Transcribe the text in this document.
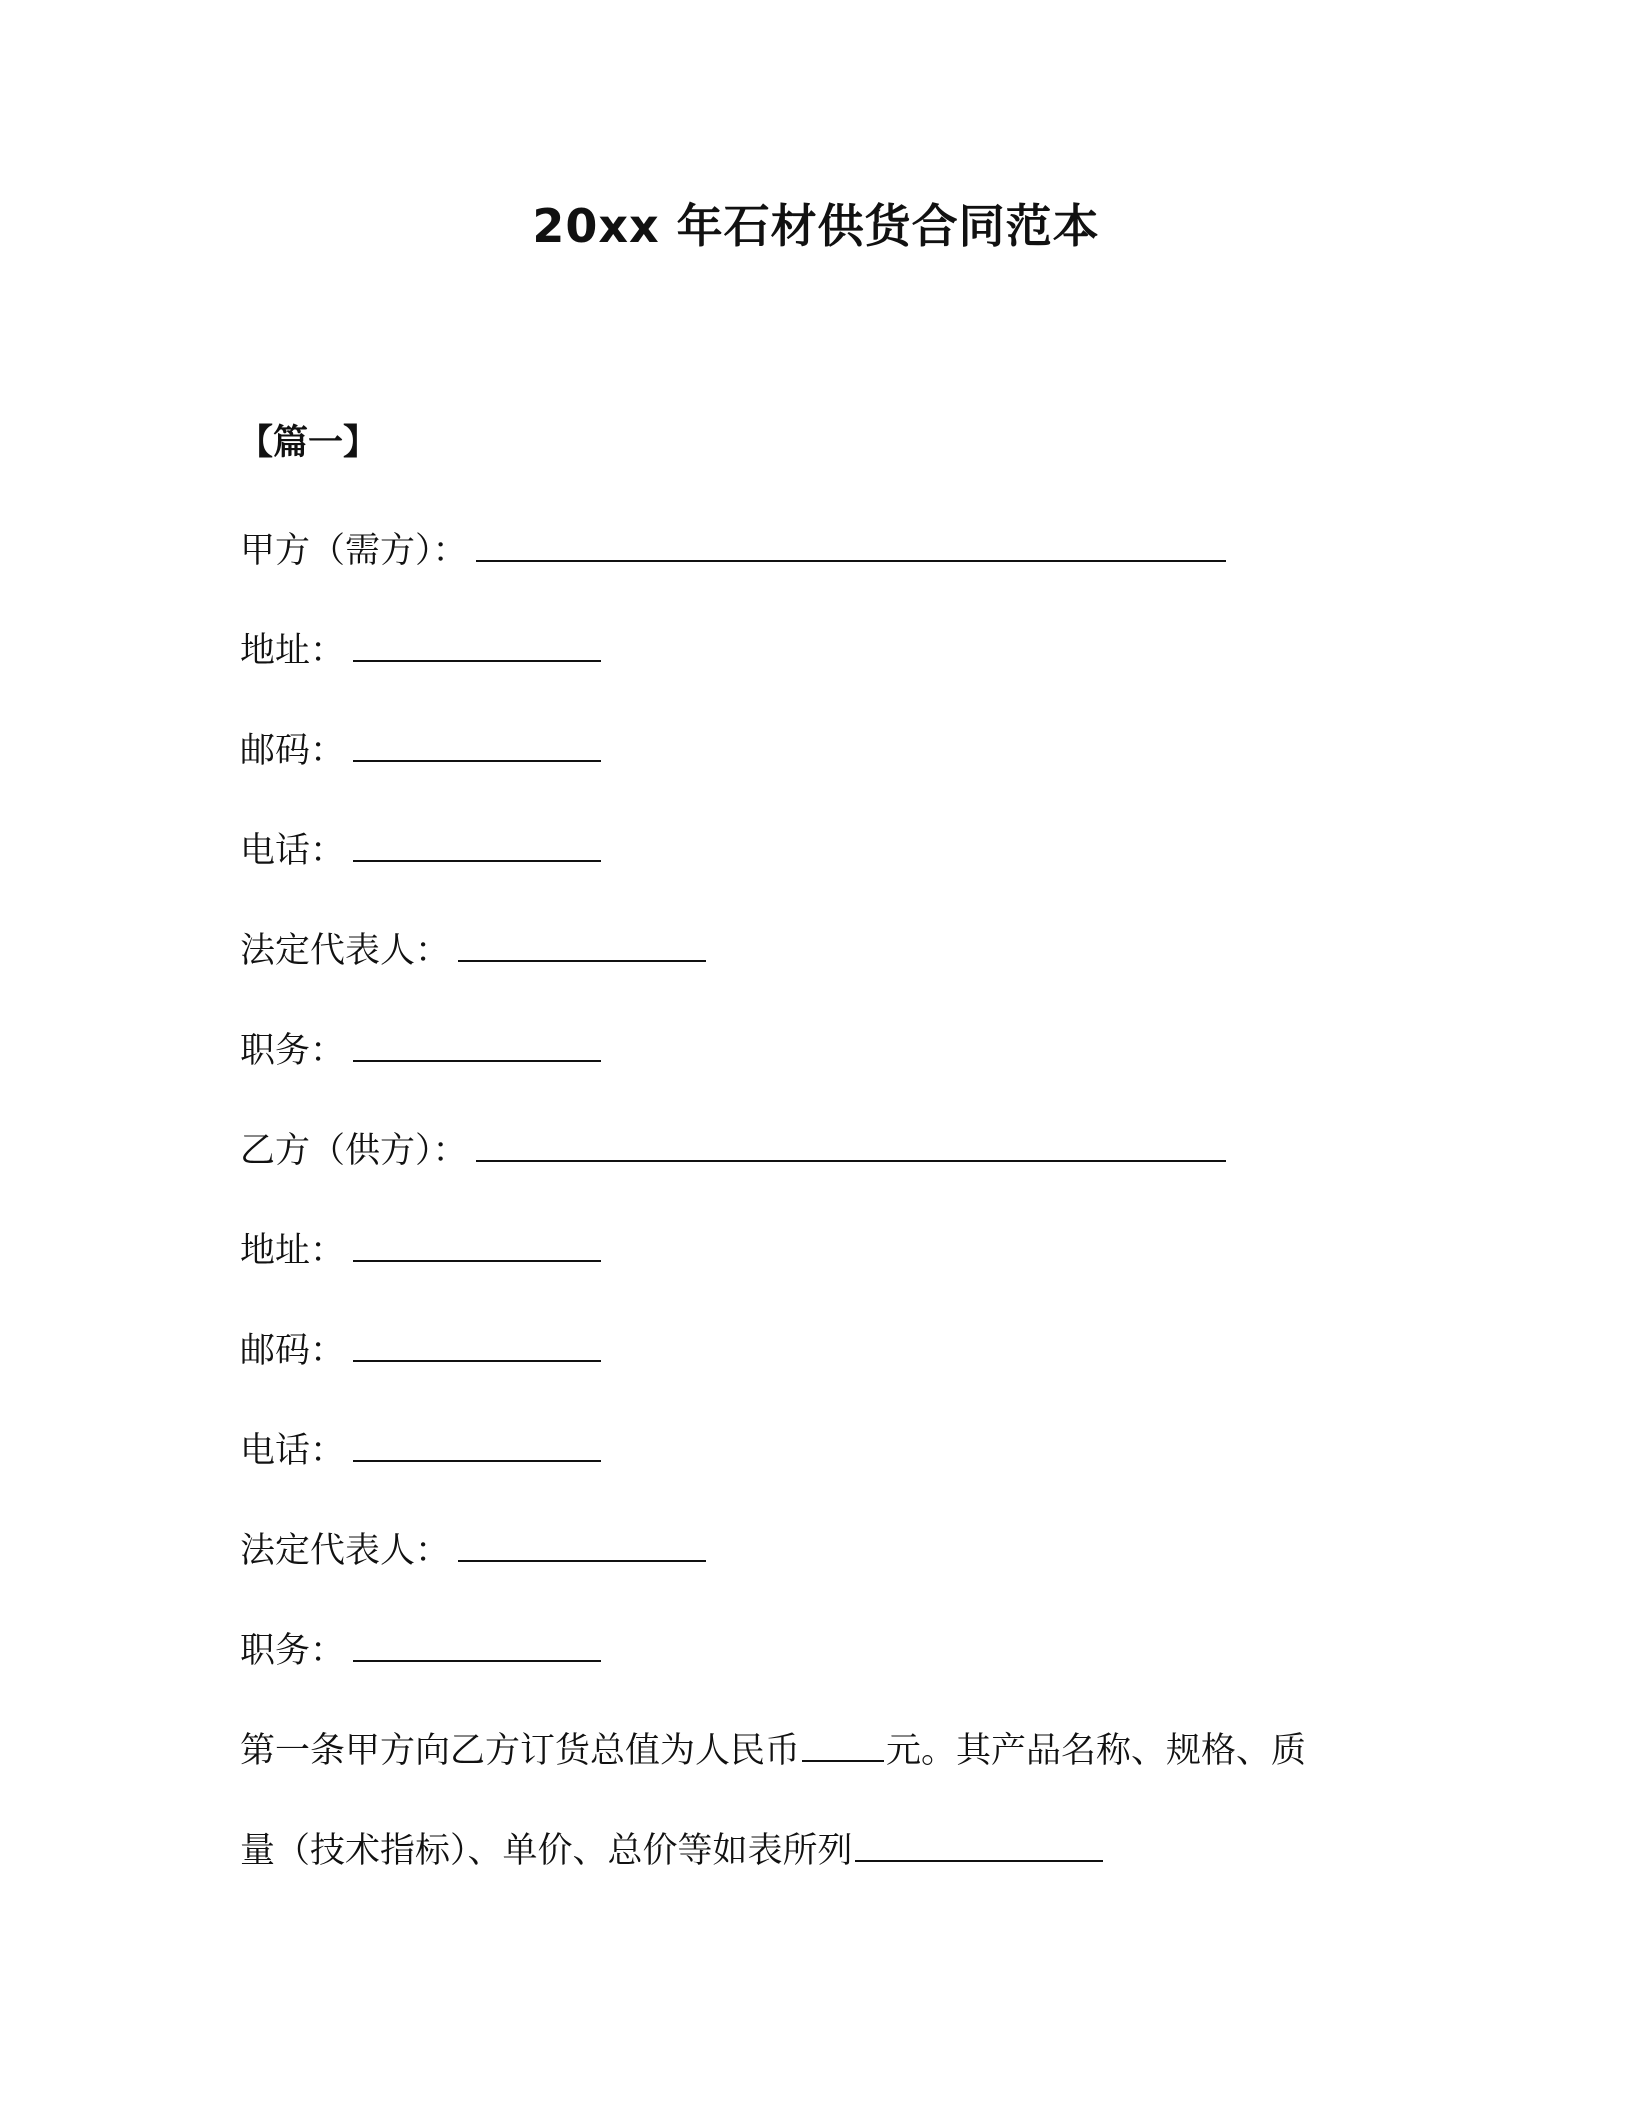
20xx 年石材供货合同范本
【篇一】
甲方（需方）：
地址：
邮码：
电话：
法定代表人：
职务：
乙方（供方）：
地址：
邮码：
电话：
法定代表人：
职务：
第一条甲方向乙方订货总值为人民币 元。其产品名称、规格、质
量（技术指标）、单价、总价等如表所列
